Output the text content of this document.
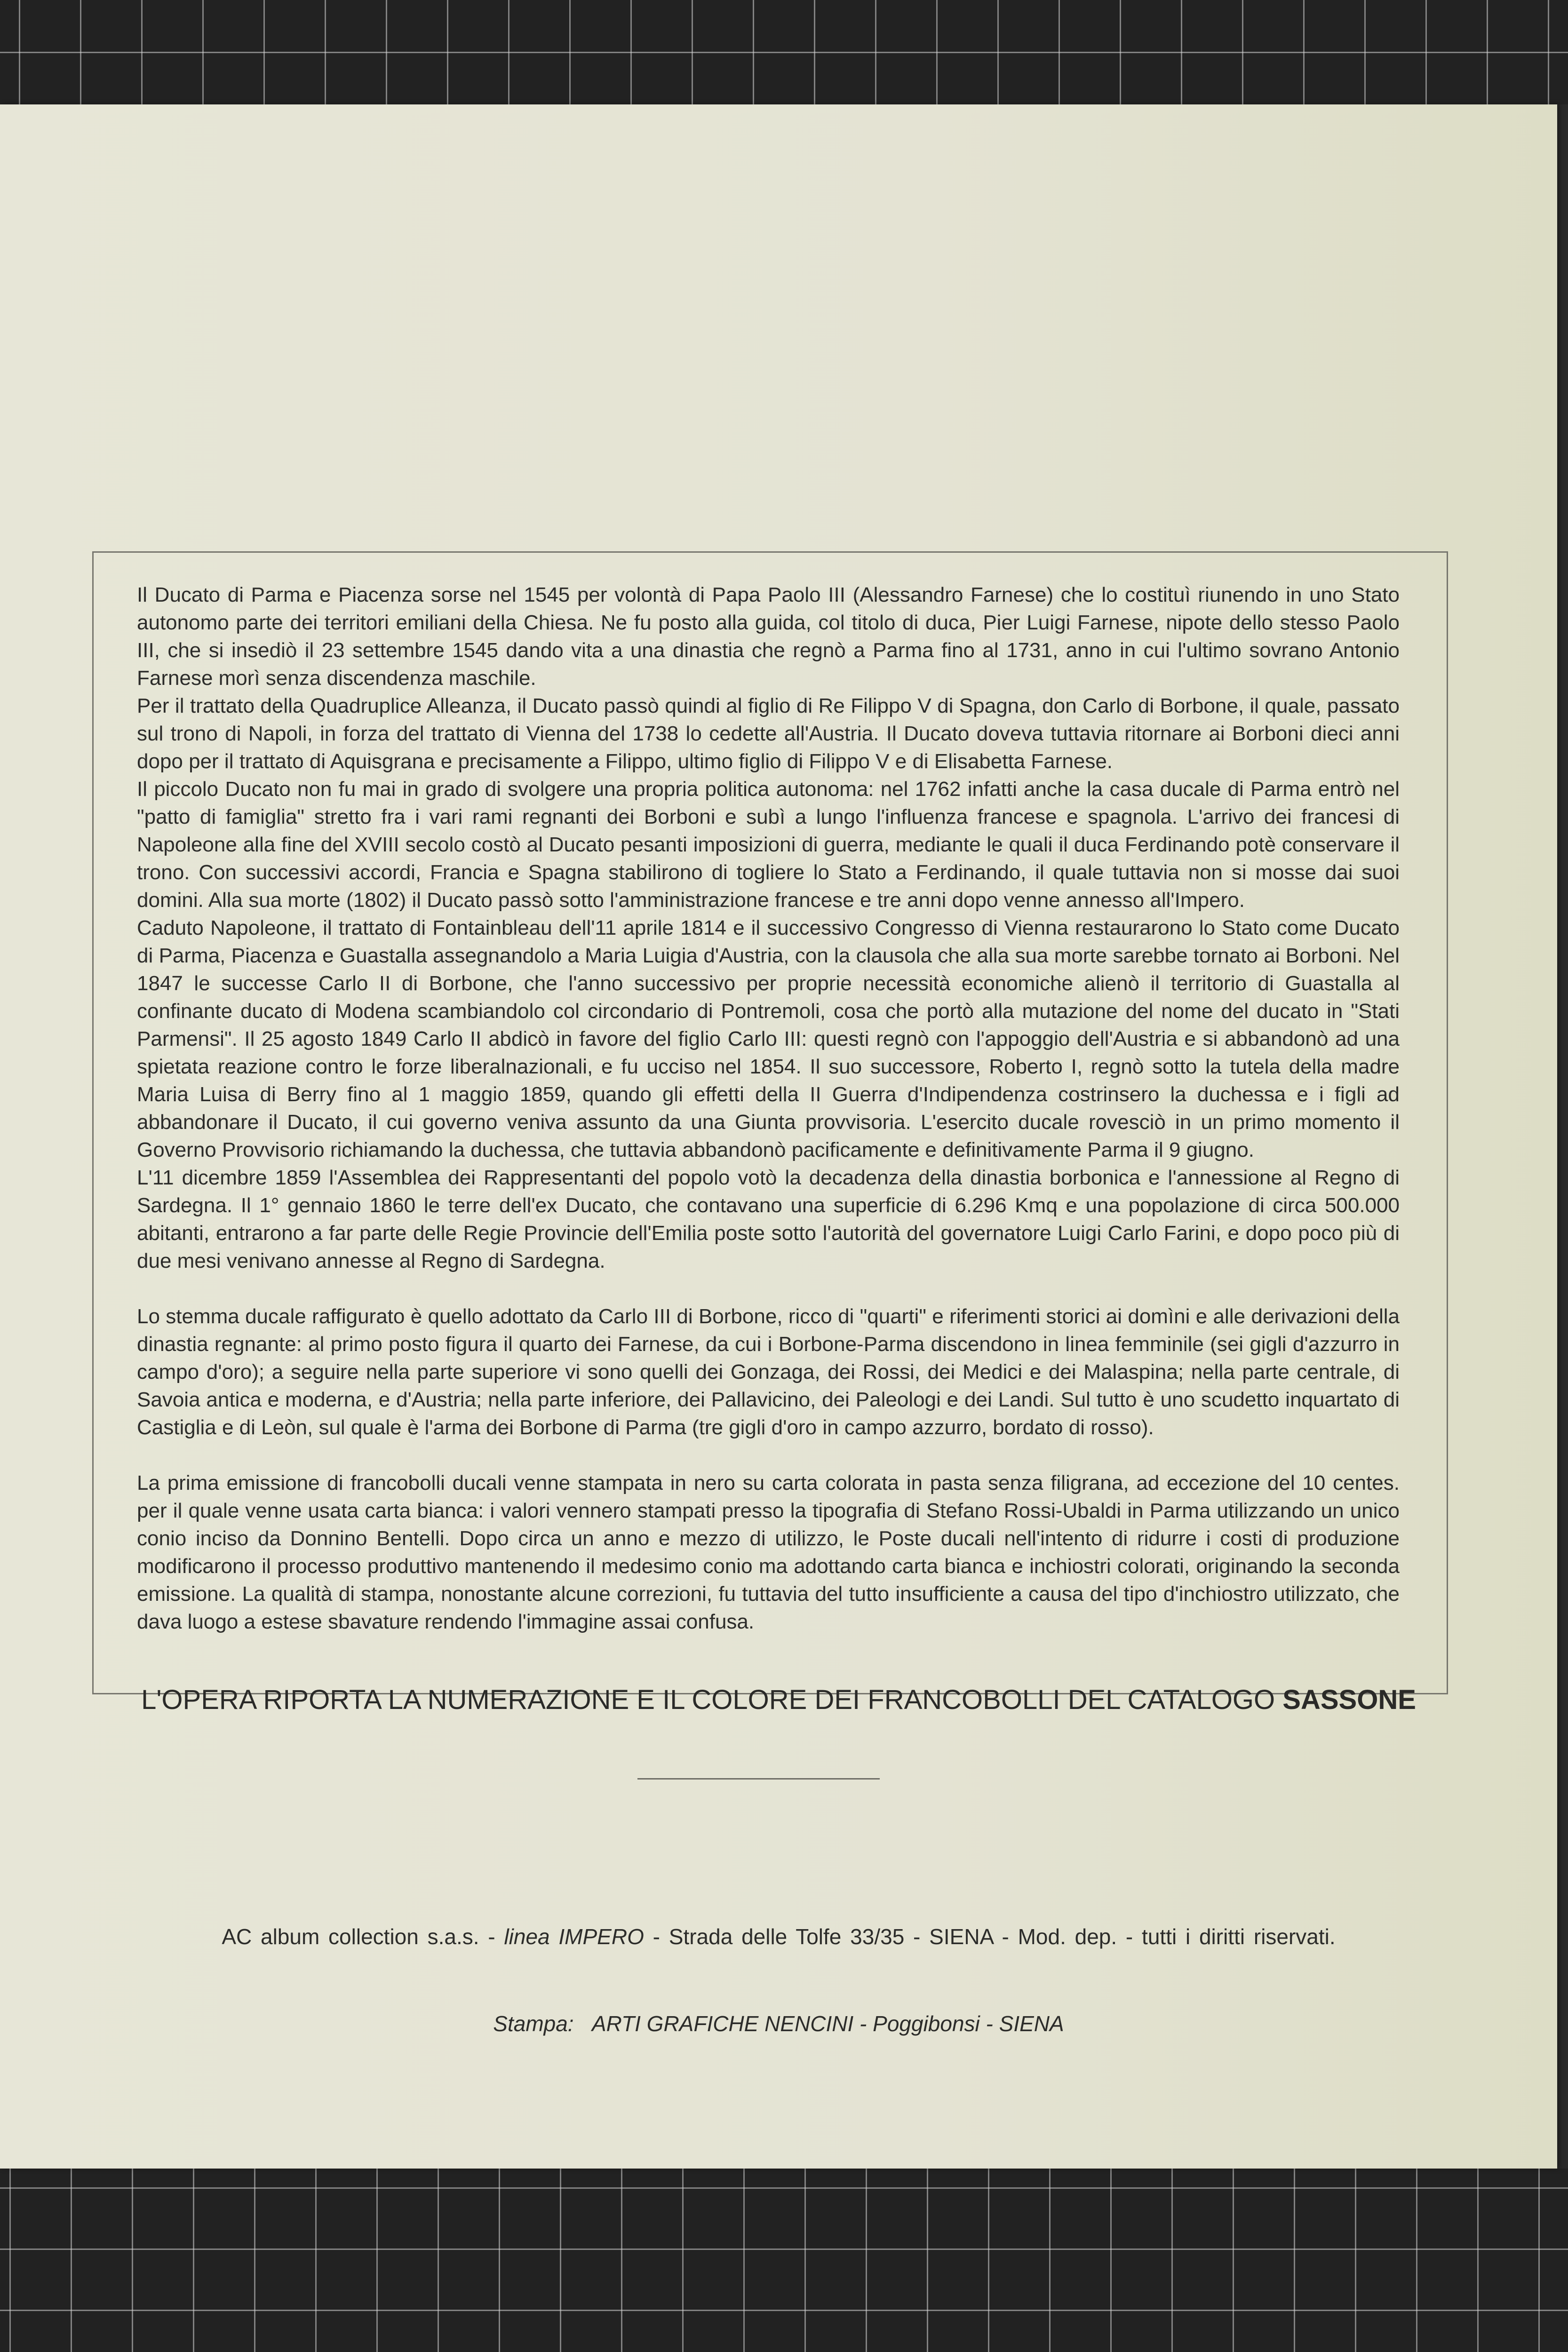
Il Ducato di Parma e Piacenza sorse nel 1545 per volontà di Papa Paolo III (Alessandro Farnese) che lo costituì riunendo in uno Stato autonomo parte dei territori emiliani della Chiesa. Ne fu posto alla guida, col titolo di duca, Pier Luigi Farnese, nipote dello stesso Paolo III, che si insediò il 23 settembre 1545 dando vita a una dinastia che regnò a Parma fino al 1731, anno in cui l'ultimo sovrano Antonio Farnese morì senza discendenza maschile.

Per il trattato della Quadruplice Alleanza, il Ducato passò quindi al figlio di Re Filippo V di Spagna, don Carlo di Borbone, il quale, passato sul trono di Napoli, in forza del trattato di Vienna del 1738 lo cedette all'Austria. Il Ducato doveva tuttavia ritornare ai Borboni dieci anni dopo per il trattato di Aquisgrana e precisamente a Filippo, ultimo figlio di Filippo V e di Elisabetta Farnese.

Il piccolo Ducato non fu mai in grado di svolgere una propria politica autonoma: nel 1762 infatti anche la casa ducale di Parma entrò nel "patto di famiglia" stretto fra i vari rami regnanti dei Borboni e subì a lungo l'influenza francese e spagnola. L'arrivo dei francesi di Napoleone alla fine del XVIII secolo costò al Ducato pesanti imposizioni di guerra, mediante le quali il duca Ferdinando potè conservare il trono. Con successivi accordi, Francia e Spagna stabilirono di togliere lo Stato a Ferdinando, il quale tuttavia non si mosse dai suoi domini. Alla sua morte (1802) il Ducato passò sotto l'amministrazione francese e tre anni dopo venne annesso all'Impero.

Caduto Napoleone, il trattato di Fontainbleau dell'11 aprile 1814 e il successivo Congresso di Vienna restaurarono lo Stato come Ducato di Parma, Piacenza e Guastalla assegnandolo a Maria Luigia d'Austria, con la clausola che alla sua morte sarebbe tornato ai Borboni. Nel 1847 le successe Carlo II di Borbone, che l'anno successivo per proprie necessità economiche alienò il territorio di Guastalla al confinante ducato di Modena scambiandolo col circondario di Pontremoli, cosa che portò alla mutazione del nome del ducato in "Stati Parmensi". Il 25 agosto 1849 Carlo II abdicò in favore del figlio Carlo III: questi regnò con l'appoggio dell'Austria e si abbandonò ad una spietata reazione contro le forze liberalnazionali, e fu ucciso nel 1854. Il suo successore, Roberto I, regnò sotto la tutela della madre Maria Luisa di Berry fino al 1 maggio 1859, quando gli effetti della II Guerra d'Indipendenza costrinsero la duchessa e i figli ad abbandonare il Ducato, il cui governo veniva assunto da una Giunta provvisoria. L'esercito ducale rovesciò in un primo momento il Governo Provvisorio richiamando la duchessa, che tuttavia abbandonò pacificamente e definitivamente Parma il 9 giugno.

L'11 dicembre 1859 l'Assemblea dei Rappresentanti del popolo votò la decadenza della dinastia borbonica e l'annessione al Regno di Sardegna. Il 1° gennaio 1860 le terre dell'ex Ducato, che contavano una superficie di 6.296 Kmq e una popolazione di circa 500.000 abitanti, entrarono a far parte delle Regie Provincie dell'Emilia poste sotto l'autorità del governatore Luigi Carlo Farini, e dopo poco più di due mesi venivano annesse al Regno di Sardegna.

Lo stemma ducale raffigurato è quello adottato da Carlo III di Borbone, ricco di "quarti" e riferimenti storici ai domìni e alle derivazioni della dinastia regnante: al primo posto figura il quarto dei Farnese, da cui i Borbone-Parma discendono in linea femminile (sei gigli d'azzurro in campo d'oro); a seguire nella parte superiore vi sono quelli dei Gonzaga, dei Rossi, dei Medici e dei Malaspina; nella parte centrale, di Savoia antica e moderna, e d'Austria; nella parte inferiore, dei Pallavicino, dei Paleologi e dei Landi. Sul tutto è uno scudetto inquartato di Castiglia e di Leòn, sul quale è l'arma dei Borbone di Parma (tre gigli d'oro in campo azzurro, bordato di rosso).

La prima emissione di francobolli ducali venne stampata in nero su carta colorata in pasta senza filigrana, ad eccezione del 10 centes. per il quale venne usata carta bianca: i valori vennero stampati presso la tipografia di Stefano Rossi-Ubaldi in Parma utilizzando un unico conio inciso da Donnino Bentelli. Dopo circa un anno e mezzo di utilizzo, le Poste ducali nell'intento di ridurre i costi di produzione modificarono il processo produttivo mantenendo il medesimo conio ma adottando carta bianca e inchiostri colorati, originando la seconda emissione. La qualità di stampa, nonostante alcune correzioni, fu tuttavia del tutto insufficiente a causa del tipo d'inchiostro utilizzato, che dava luogo a estese sbavature rendendo l'immagine assai confusa.

L'OPERA RIPORTA LA NUMERAZIONE E IL COLORE DEI FRANCOBOLLI DEL CATALOGO SASSONE
AC album collection s.a.s. - linea IMPERO - Strada delle Tolfe 33/35 - SIENA - Mod. dep. - tutti i diritti riservati.
Stampa: ARTI GRAFICHE NENCINI - Poggibonsi - SIENA
